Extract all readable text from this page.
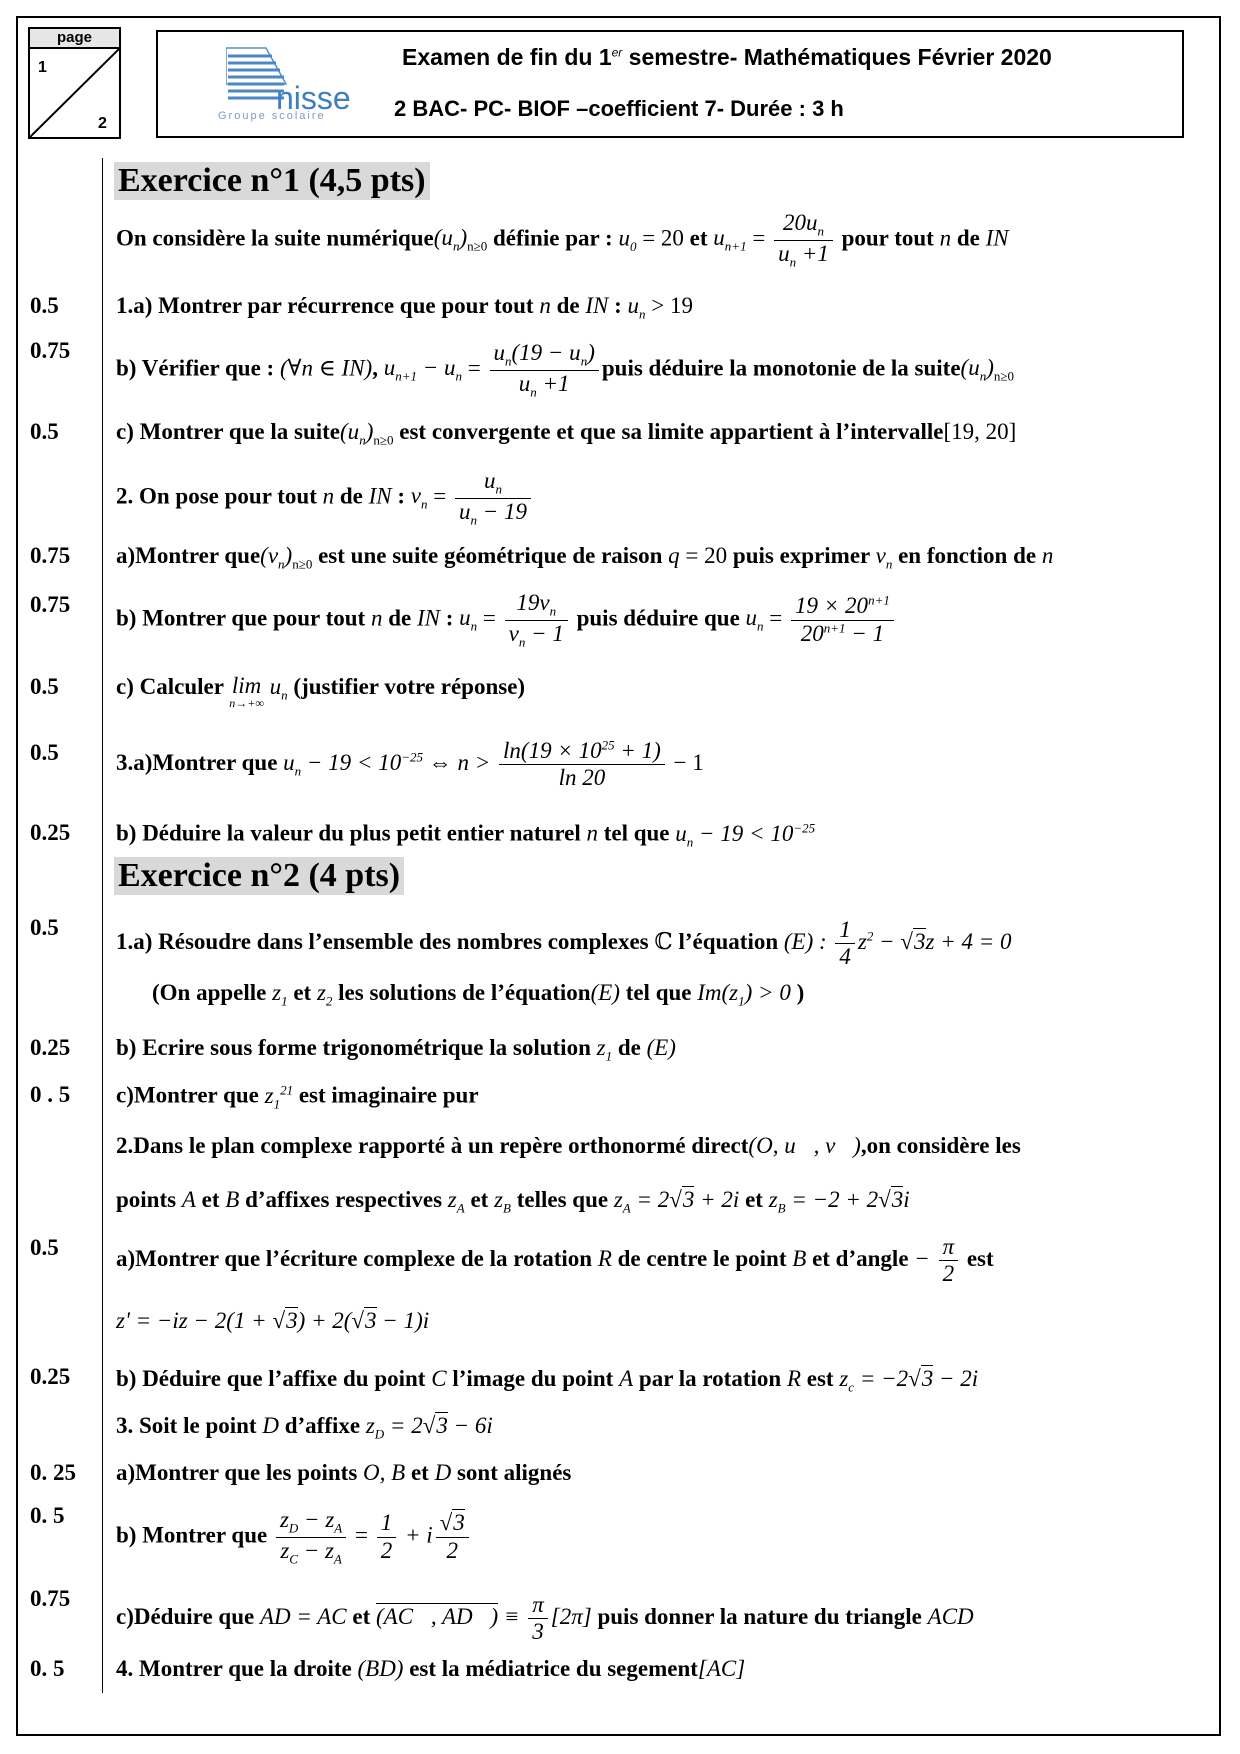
page
1
2
nisse
Groupe scolaire
Examen de fin du 1er semestre- Mathématiques Février 2020
2 BAC- PC- BIOF –coefficient 7- Durée : 3 h
0.5
0.75
0.5
0.75
0.75
0.5
0.5
0.25
0.5
0.25
0 . 5
0.5
0.25
0. 25
0. 5
0.75
0. 5
Exercice n°1 (4,5 pts)
On considère la suite $numérique(u_n)_{n\ge 0}$ définie par : $u_0 = 20$ et $u_{n+1} = \frac{20u_n}{u_n +1}$ pour tout n de IN
1.a) Montrer par récurrence que pour tout n de IN : $u_n > 19$
b) Vérifier que : (∀n ∈ IN), $u_{n+1} - u_n = \frac{u_n(19 - u_n)}{u_n +1}$ puis déduire la monotonie de la $suite(u_n)_{n\ge 0}$
c) Montrer que la $suite(u_n)_{n\ge 0}$ est convergente et que sa limite appartient à l’intervalle[19, 20]
2. On pose pour tout n de IN : $v_n = \frac{u_n}{u_n - 19}$
a)Montrer $que(v_n)_{n\ge 0}$ est une suite géométrique de raison q = 20 puis exprimer $v_n$ en fonction de n
b) Montrer que pour tout n de IN : $u_n = \frac{19v_n}{v_n - 1}$ puis déduire que $u_n = \frac{19 \times 20^{n+1}}{20^{n+1} - 1}$
c) Calculer lim
n→+∞
$u_n$ (justifier votre réponse)
3.a)Montrer que $u_n - 19 < 10^{-25}$ ⇔ $n > \frac{\ln(19 \times 10^{25} + 1)}{\ln 20} - 1$
b) Déduire la valeur du plus petit entier naturel n tel que $u_n - 19 < 10^{-25}$
Exercice n°2 (4 pts)
1.a) Résoudre dans l’ensemble des nombres complexes ℂ l’équation (E) : $\frac{1}{4} z^2 - √3z + 4 = 0$
(On appelle $z_1$ et $z_2$ les solutions de l’équation(E) tel que $Im(z_1) > 0$ )
b) Ecrire sous forme trigonométrique la solution $z_1$ de (E)
c)Montrer que $z_1^{21}$ est imaginaire pur
2.Dans le plan complexe rapporté à un repère orthonormé direct(O, u⃗, v⃗),on considère les
points A et B d’affixes respectives $z_A$ et $z_B$ telles que $z_A = 2√3 + 2i$ et $z_B = -2 + 2√3i$
a)Montrer que l’écriture complexe de la rotation R de centre le point B et d’angle − $\frac{\pi}{2}$ est
z' = −iz − 2(1 + √3) + 2(√3 − 1)i
b) Déduire que l’affixe du point C l’image du point A par la rotation R est $z_c = -2√3 - 2i$
3. Soit le point D d’affixe $z_D = 2√3 - 6i$
a)Montrer que les points O, B et D sont alignés
b) Montrer que $\frac{z_D - z_A}{z_C - z_A} = \frac{1}{2} + i \frac{√3}{2}$
c)Déduire que AD = AC et (AC⃗, AD⃗) ≡ $\frac{\pi}{3} [2\pi]$ puis donner la nature du triangle ACD
4. Montrer que la droite (BD) est la médiatrice du segement[AC]
